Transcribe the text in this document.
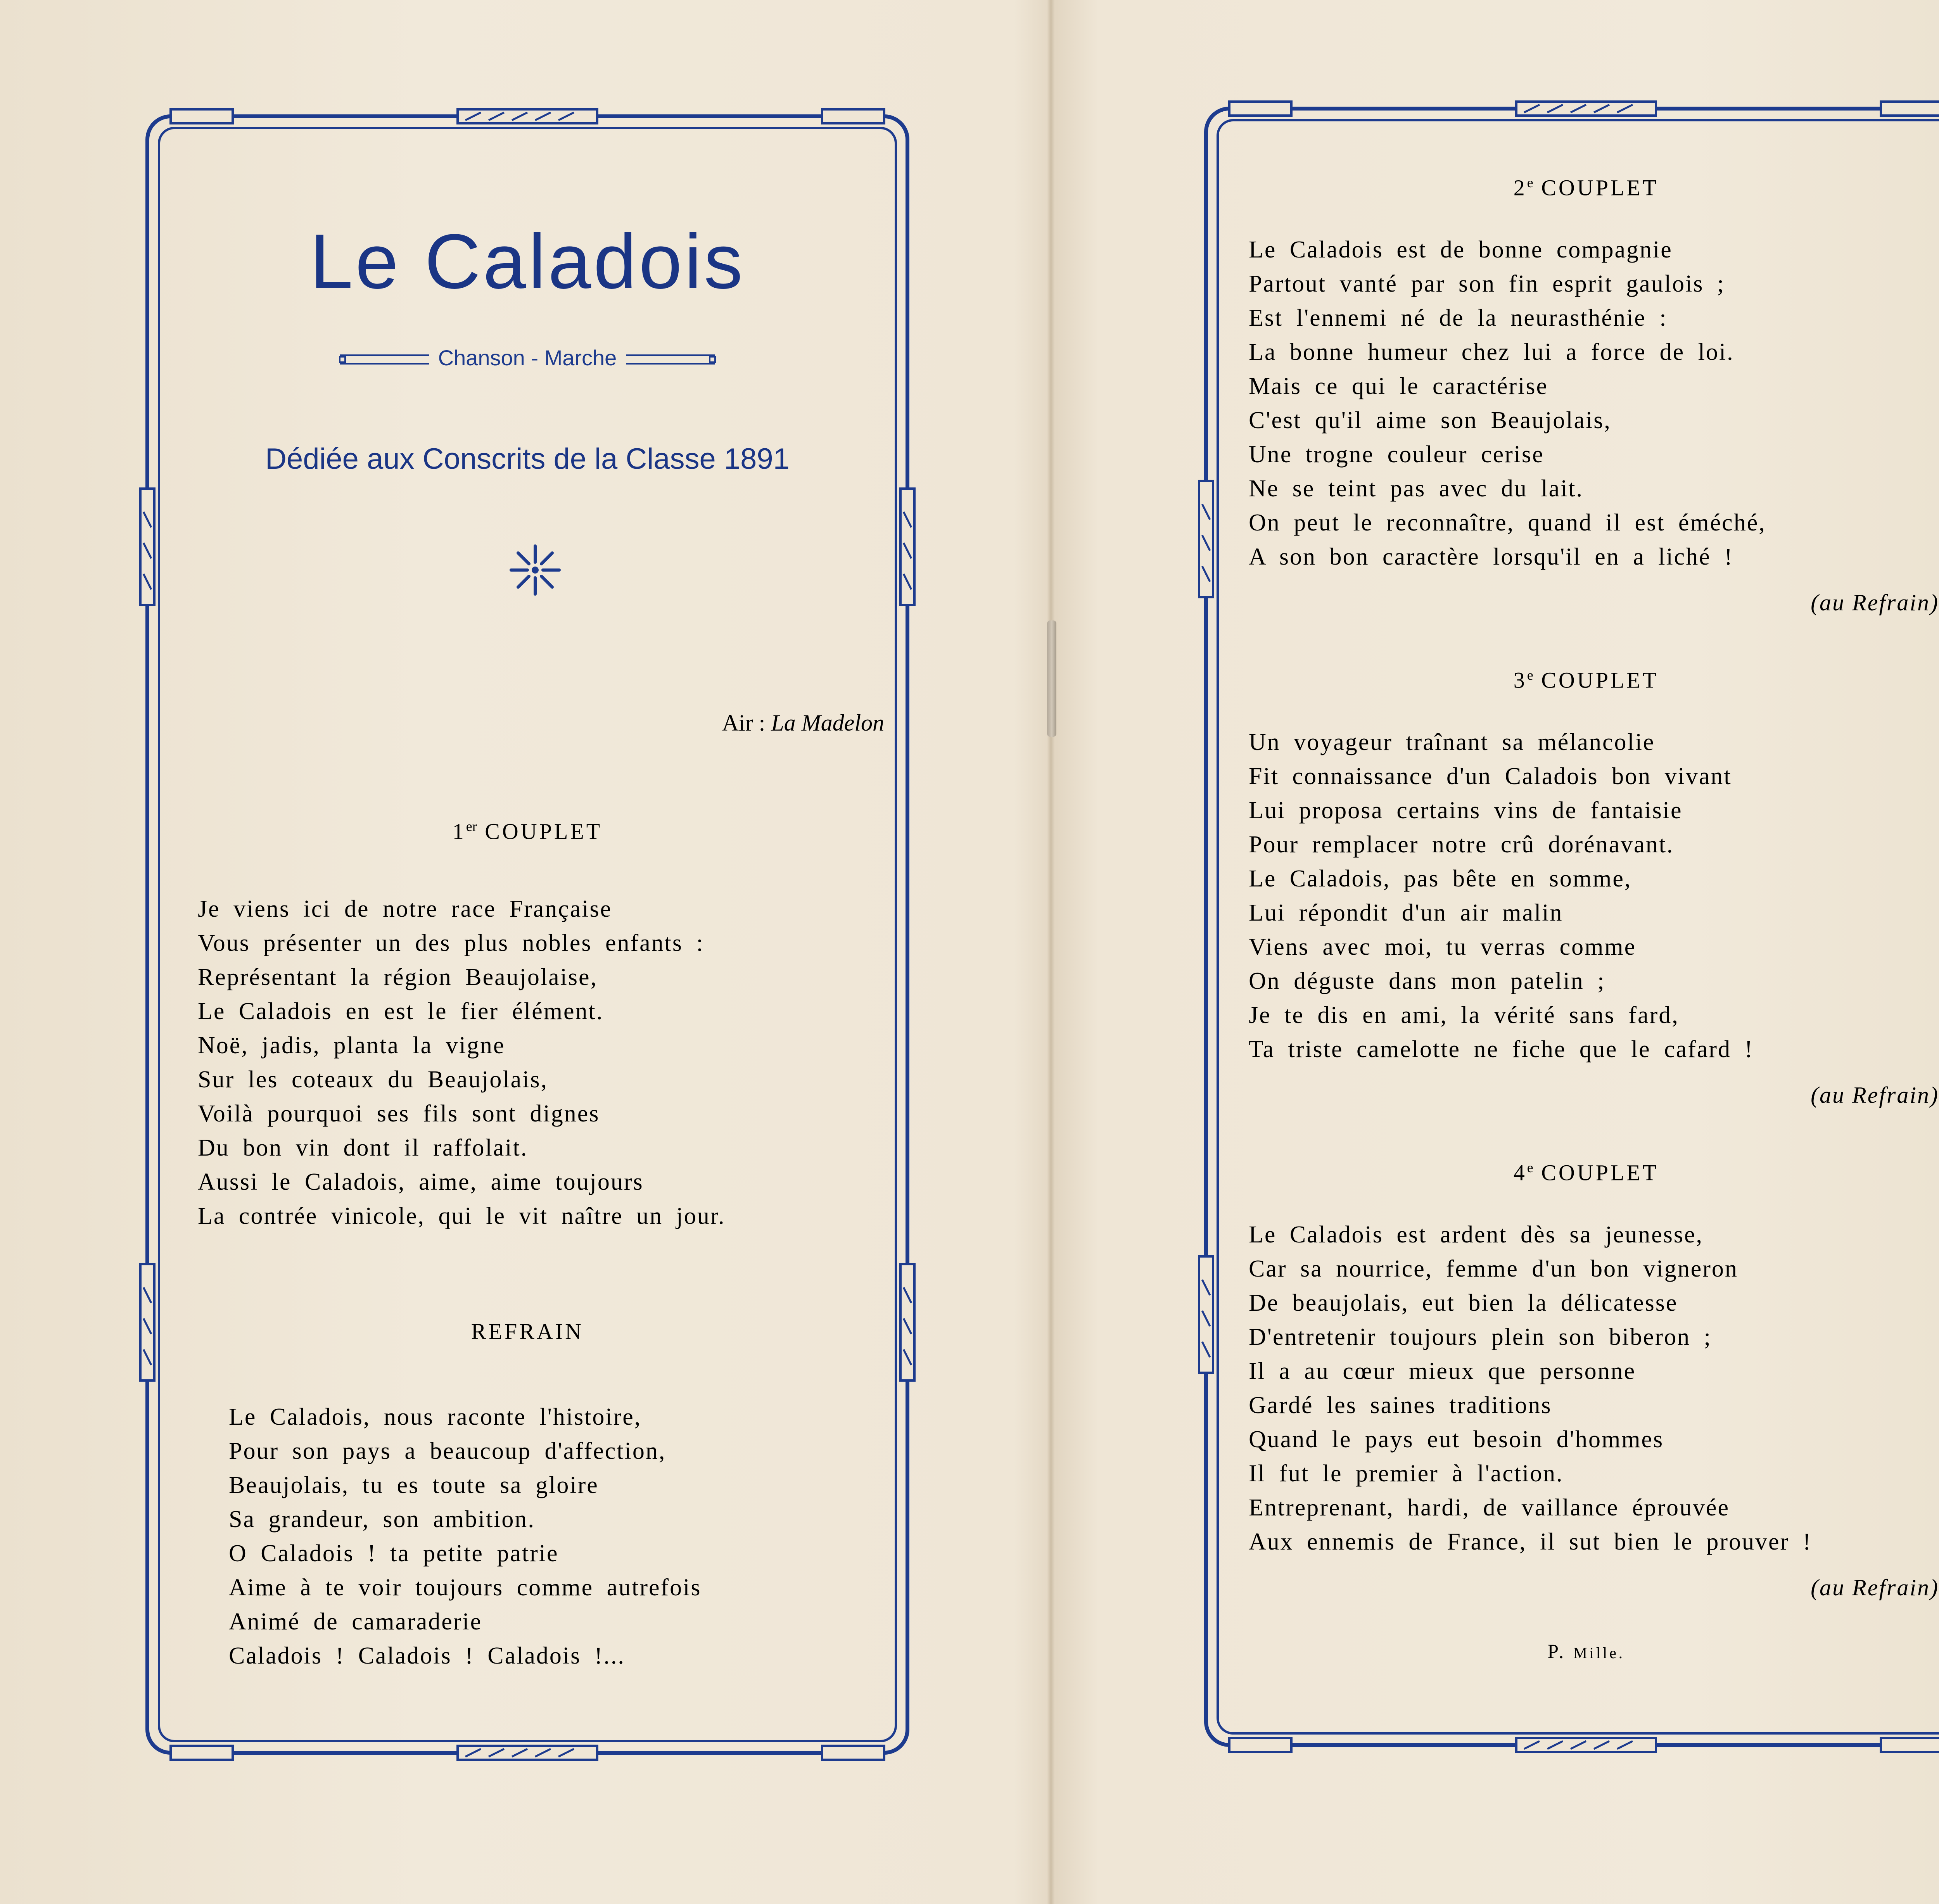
Le Caladois
Chanson - Marche
Dédiée aux Conscrits de la Classe 1891
Air : La Madelon
1er COUPLET
Je viens ici de notre race Française
Vous présenter un des plus nobles enfants :
Représentant la région Beaujolaise,
Le Caladois en est le fier élément.
Noë, jadis, planta la vigne
Sur les coteaux du Beaujolais,
Voilà pourquoi ses fils sont dignes
Du bon vin dont il raffolait.
Aussi le Caladois, aime, aime toujours
La contrée vinicole, qui le vit naître un jour.
REFRAIN
Le Caladois, nous raconte l'histoire,
Pour son pays a beaucoup d'affection,
Beaujolais, tu es toute sa gloire
Sa grandeur, son ambition.
O Caladois ! ta petite patrie
Aime à te voir toujours comme autrefois
Animé de camaraderie
Caladois ! Caladois ! Caladois !...
2e COUPLET
Le Caladois est de bonne compagnie
Partout vanté par son fin esprit gaulois ;
Est l'ennemi né de la neurasthénie :
La bonne humeur chez lui a force de loi.
Mais ce qui le caractérise
C'est qu'il aime son Beaujolais,
Une trogne couleur cerise
Ne se teint pas avec du lait.
On peut le reconnaître, quand il est éméché,
A son bon caractère lorsqu'il en a liché !
(au Refrain)
3e COUPLET
Un voyageur traînant sa mélancolie
Fit connaissance d'un Caladois bon vivant
Lui proposa certains vins de fantaisie
Pour remplacer notre crû dorénavant.
Le Caladois, pas bête en somme,
Lui répondit d'un air malin
Viens avec moi, tu verras comme
On déguste dans mon patelin ;
Je te dis en ami, la vérité sans fard,
Ta triste camelotte ne fiche que le cafard !
(au Refrain)
4e COUPLET
Le Caladois est ardent dès sa jeunesse,
Car sa nourrice, femme d'un bon vigneron
De beaujolais, eut bien la délicatesse
D'entretenir toujours plein son biberon ;
Il a au cœur mieux que personne
Gardé les saines traditions
Quand le pays eut besoin d'hommes
Il fut le premier à l'action.
Entreprenant, hardi, de vaillance éprouvée
Aux ennemis de France, il sut bien le prouver !
(au Refrain)
P. Mille.
